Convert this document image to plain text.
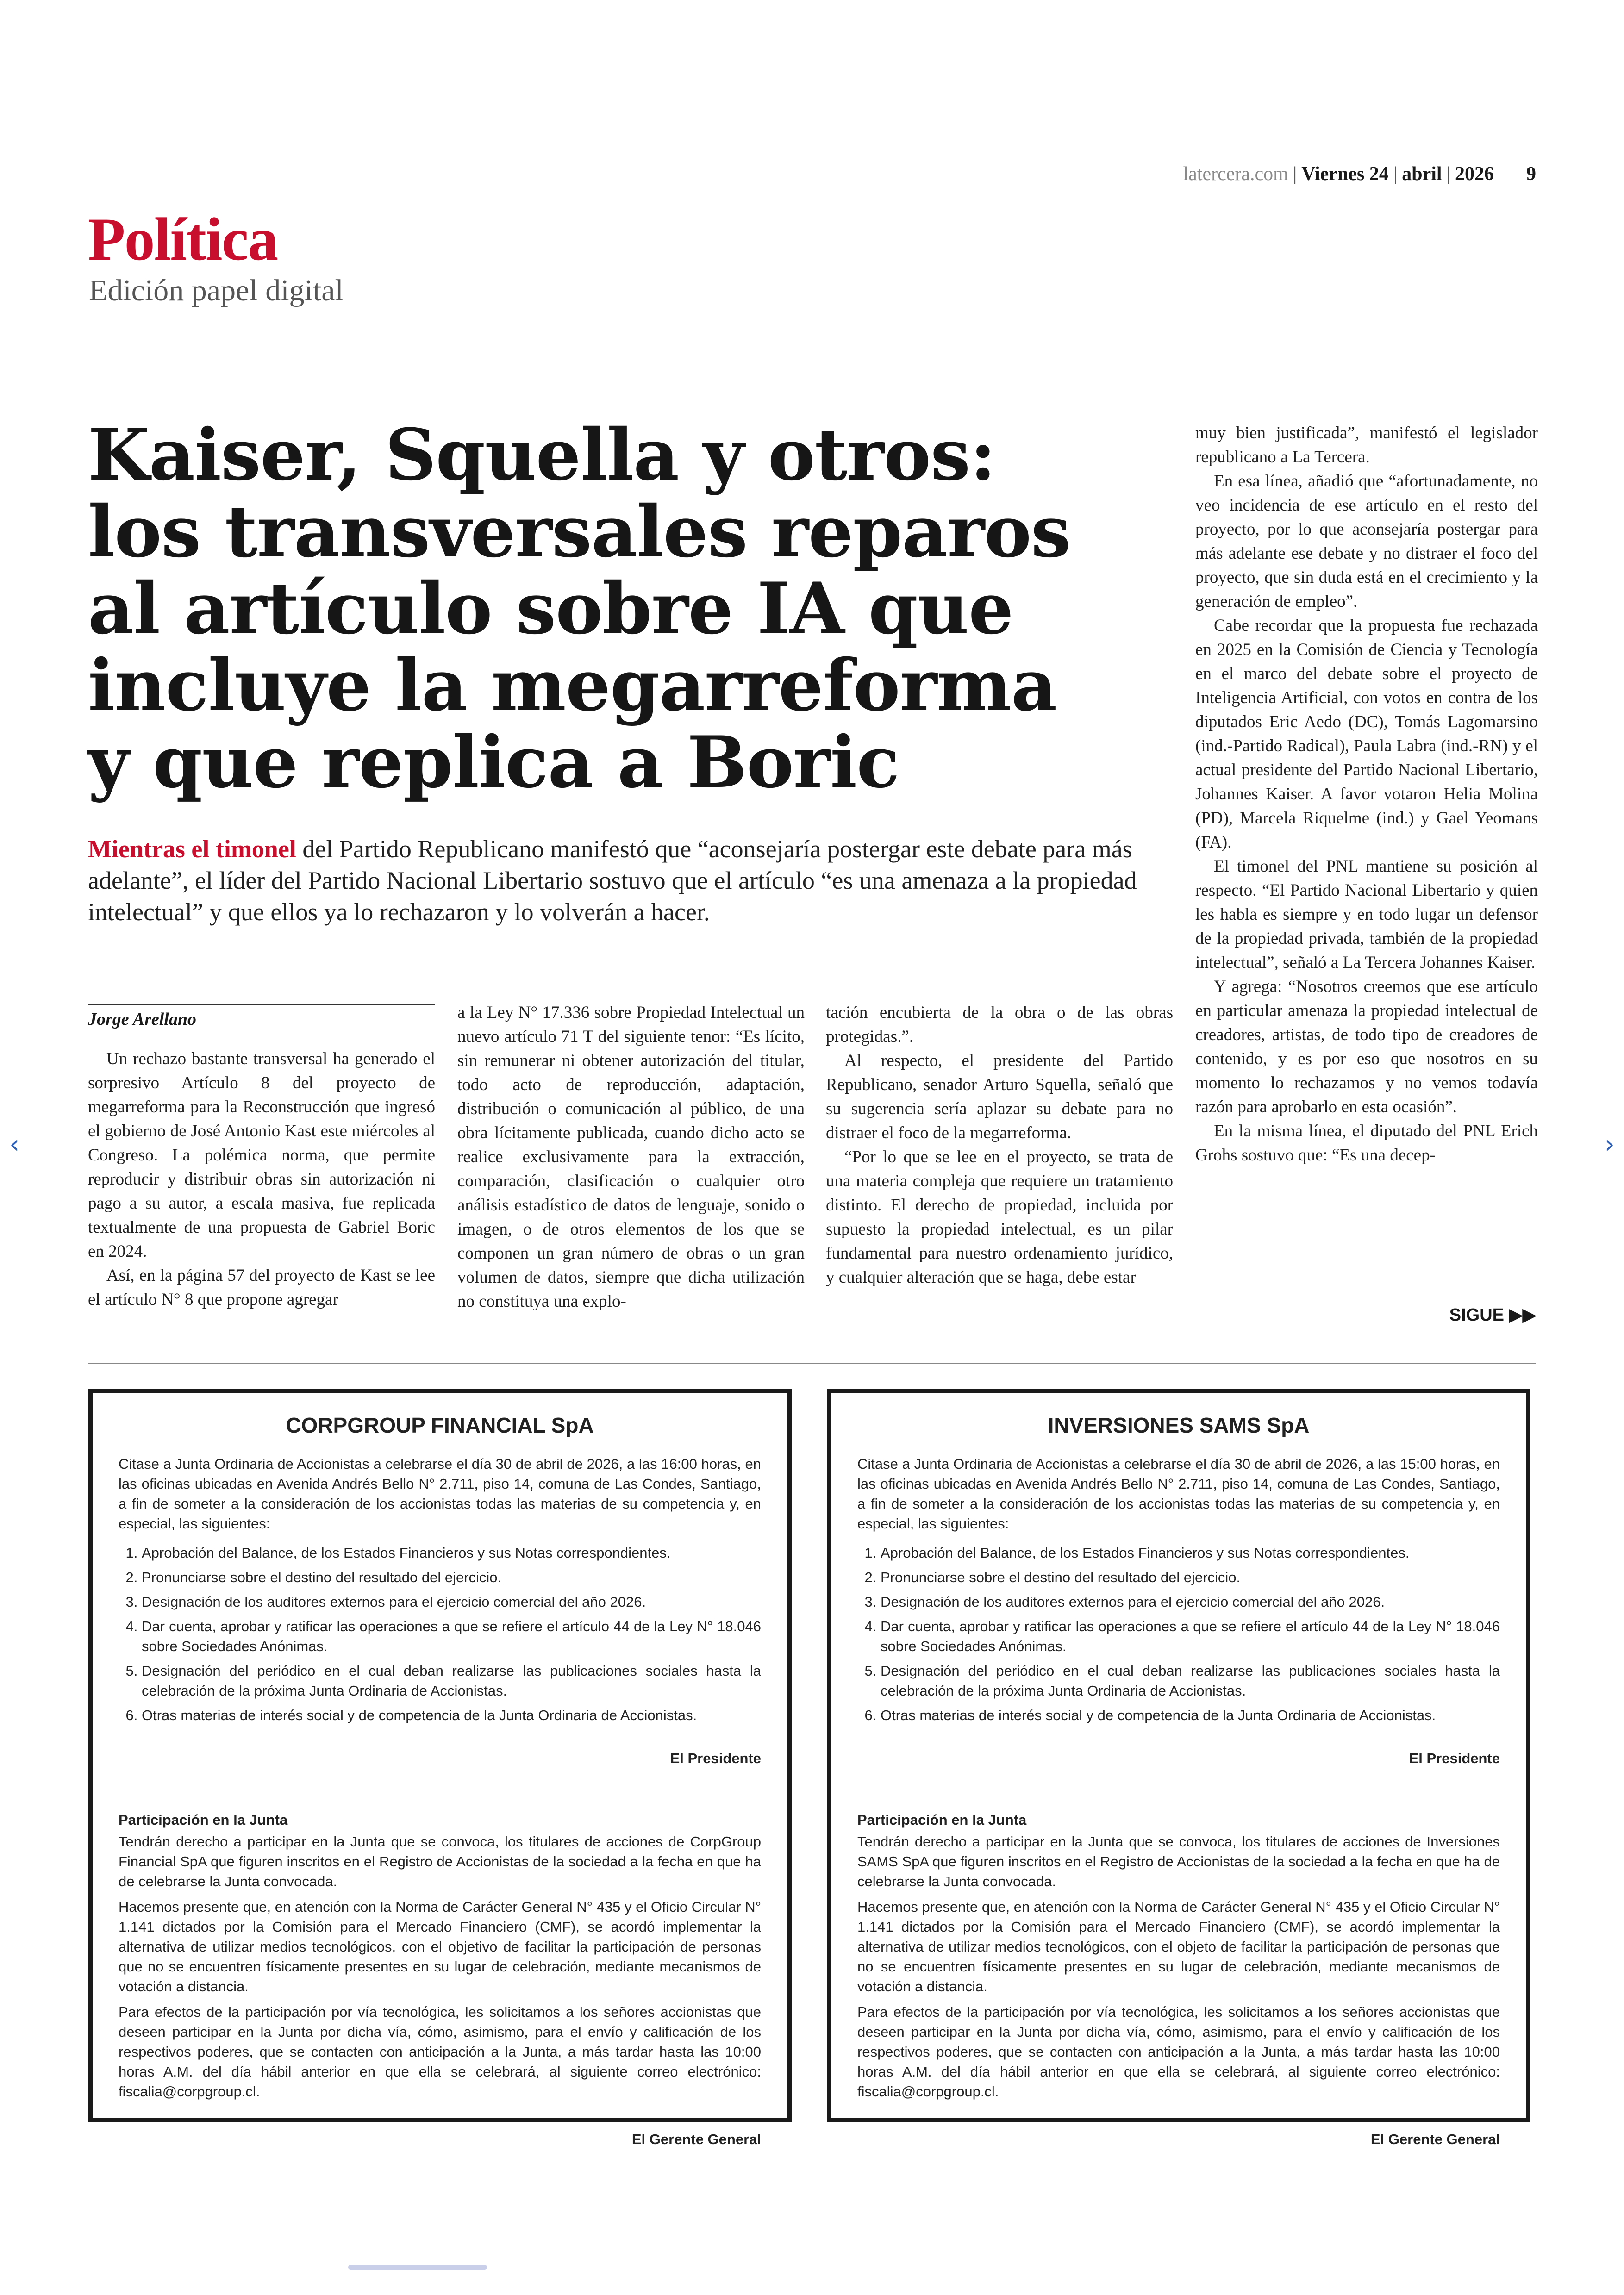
latercera.com | Viernes 24 | abril | 2026 9
Política
Edición papel digital
Kaiser, Squella y otros:
los transversales reparos
al artículo sobre IA que
incluye la megarreforma
y que replica a Boric

Mientras el timonel del Partido Republicano manifestó que “aconsejaría postergar este debate para más adelante”, el líder del Partido Nacional Libertario sostuvo que el artículo “es una amenaza a la propiedad intelectual” y que ellos ya lo rechazaron y lo volverán a hacer.

Jorge Arellano

Un rechazo bastante transversal ha generado el sorpresivo Artículo 8 del proyecto de megarreforma para la Reconstrucción que ingresó el gobierno de José Antonio Kast este miércoles al Congreso. La polémica norma, que permite reproducir y distribuir obras sin autorización ni pago a su autor, a escala masiva, fue replicada textualmente de una propuesta de Gabriel Boric en 2024.

Así, en la página 57 del proyecto de Kast se lee el artículo N° 8 que propone agregar

a la Ley N° 17.336 sobre Propiedad Intelectual un nuevo artículo 71 T del siguiente tenor: “Es lícito, sin remunerar ni obtener autorización del titular, todo acto de reproducción, adaptación, distribución o comunicación al público, de una obra lícitamente publicada, cuando dicho acto se realice exclusivamente para la extracción, comparación, clasificación o cualquier otro análisis estadístico de datos de lenguaje, sonido o imagen, o de otros elementos de los que se componen un gran número de obras o un gran volumen de datos, siempre que dicha utilización no constituya una explo-

tación encubierta de la obra o de las obras protegidas.”.

Al respecto, el presidente del Partido Republicano, senador Arturo Squella, señaló que su sugerencia sería aplazar su debate para no distraer el foco de la megarreforma.

“Por lo que se lee en el proyecto, se trata de una materia compleja que requiere un tratamiento distinto. El derecho de propiedad, incluida por supuesto la propiedad intelectual, es un pilar fundamental para nuestro ordenamiento jurídico, y cualquier alteración que se haga, debe estar

muy bien justificada”, manifestó el legislador republicano a La Tercera.

En esa línea, añadió que “afortunadamente, no veo incidencia de ese artículo en el resto del proyecto, por lo que aconsejaría postergar para más adelante ese debate y no distraer el foco del proyecto, que sin duda está en el crecimiento y la generación de empleo”.

Cabe recordar que la propuesta fue rechazada en 2025 en la Comisión de Ciencia y Tecnología en el marco del debate sobre el proyecto de Inteligencia Artificial, con votos en contra de los diputados Eric Aedo (DC), Tomás Lagomarsino (ind.-Partido Radical), Paula Labra (ind.-RN) y el actual presidente del Partido Nacional Libertario, Johannes Kaiser. A favor votaron Helia Molina (PD), Marcela Riquelme (ind.) y Gael Yeomans (FA).

El timonel del PNL mantiene su posición al respecto. “El Partido Nacional Libertario y quien les habla es siempre y en todo lugar un defensor de la propiedad privada, también de la propiedad intelectual”, señaló a La Tercera Johannes Kaiser.

Y agrega: “Nosotros creemos que ese artículo en particular amenaza la propiedad intelectual de creadores, artistas, de todo tipo de creadores de contenido, y es por eso que nosotros en su momento lo rechazamos y no vemos todavía razón para aprobarlo en esta ocasión”.

En la misma línea, el diputado del PNL Erich Grohs sostuvo que: “Es una decep-

SIGUE ▶▶
CORPGROUP FINANCIAL SpA
Citase a Junta Ordinaria de Accionistas a celebrarse el día 30 de abril de 2026, a las 16:00 horas, en las oficinas ubicadas en Avenida Andrés Bello N° 2.711, piso 14, comuna de Las Condes, Santiago, a fin de someter a la consideración de los accionistas todas las materias de su competencia y, en especial, las siguientes:
1. Aprobación del Balance, de los Estados Financieros y sus Notas correspondientes.
2. Pronunciarse sobre el destino del resultado del ejercicio.
3. Designación de los auditores externos para el ejercicio comercial del año 2026.
4. Dar cuenta, aprobar y ratificar las operaciones a que se refiere el artículo 44 de la Ley N° 18.046 sobre Sociedades Anónimas.
5. Designación del periódico en el cual deban realizarse las publicaciones sociales hasta la celebración de la próxima Junta Ordinaria de Accionistas.
6. Otras materias de interés social y de competencia de la Junta Ordinaria de Accionistas.
El Presidente
Participación en la Junta
Tendrán derecho a participar en la Junta que se convoca, los titulares de acciones de CorpGroup Financial SpA que figuren inscritos en el Registro de Accionistas de la sociedad a la fecha en que ha de celebrarse la Junta convocada.
Hacemos presente que, en atención con la Norma de Carácter General N° 435 y el Oficio Circular N° 1.141 dictados por la Comisión para el Mercado Financiero (CMF), se acordó implementar la alternativa de utilizar medios tecnológicos, con el objetivo de facilitar la participación de personas que no se encuentren físicamente presentes en su lugar de celebración, mediante mecanismos de votación a distancia.
Para efectos de la participación por vía tecnológica, les solicitamos a los señores accionistas que deseen participar en la Junta por dicha vía, cómo, asimismo, para el envío y calificación de los respectivos poderes, que se contacten con anticipación a la Junta, a más tardar hasta las 10:00 horas A.M. del día hábil anterior en que ella se celebrará, al siguiente correo electrónico: fiscalia@corpgroup.cl.
El Gerente General
INVERSIONES SAMS SpA
Citase a Junta Ordinaria de Accionistas a celebrarse el día 30 de abril de 2026, a las 15:00 horas, en las oficinas ubicadas en Avenida Andrés Bello N° 2.711, piso 14, comuna de Las Condes, Santiago, a fin de someter a la consideración de los accionistas todas las materias de su competencia y, en especial, las siguientes:
1. Aprobación del Balance, de los Estados Financieros y sus Notas correspondientes.
2. Pronunciarse sobre el destino del resultado del ejercicio.
3. Designación de los auditores externos para el ejercicio comercial del año 2026.
4. Dar cuenta, aprobar y ratificar las operaciones a que se refiere el artículo 44 de la Ley N° 18.046 sobre Sociedades Anónimas.
5. Designación del periódico en el cual deban realizarse las publicaciones sociales hasta la celebración de la próxima Junta Ordinaria de Accionistas.
6. Otras materias de interés social y de competencia de la Junta Ordinaria de Accionistas.
El Presidente
Participación en la Junta
Tendrán derecho a participar en la Junta que se convoca, los titulares de acciones de Inversiones SAMS SpA que figuren inscritos en el Registro de Accionistas de la sociedad a la fecha en que ha de celebrarse la Junta convocada.
Hacemos presente que, en atención con la Norma de Carácter General N° 435 y el Oficio Circular N° 1.141 dictados por la Comisión para el Mercado Financiero (CMF), se acordó implementar la alternativa de utilizar medios tecnológicos, con el objeto de facilitar la participación de personas que no se encuentren físicamente presentes en su lugar de celebración, mediante mecanismos de votación a distancia.
Para efectos de la participación por vía tecnológica, les solicitamos a los señores accionistas que deseen participar en la Junta por dicha vía, cómo, asimismo, para el envío y calificación de los respectivos poderes, que se contacten con anticipación a la Junta, a más tardar hasta las 10:00 horas A.M. del día hábil anterior en que ella se celebrará, al siguiente correo electrónico: fiscalia@corpgroup.cl.
El Gerente General
‹	›
